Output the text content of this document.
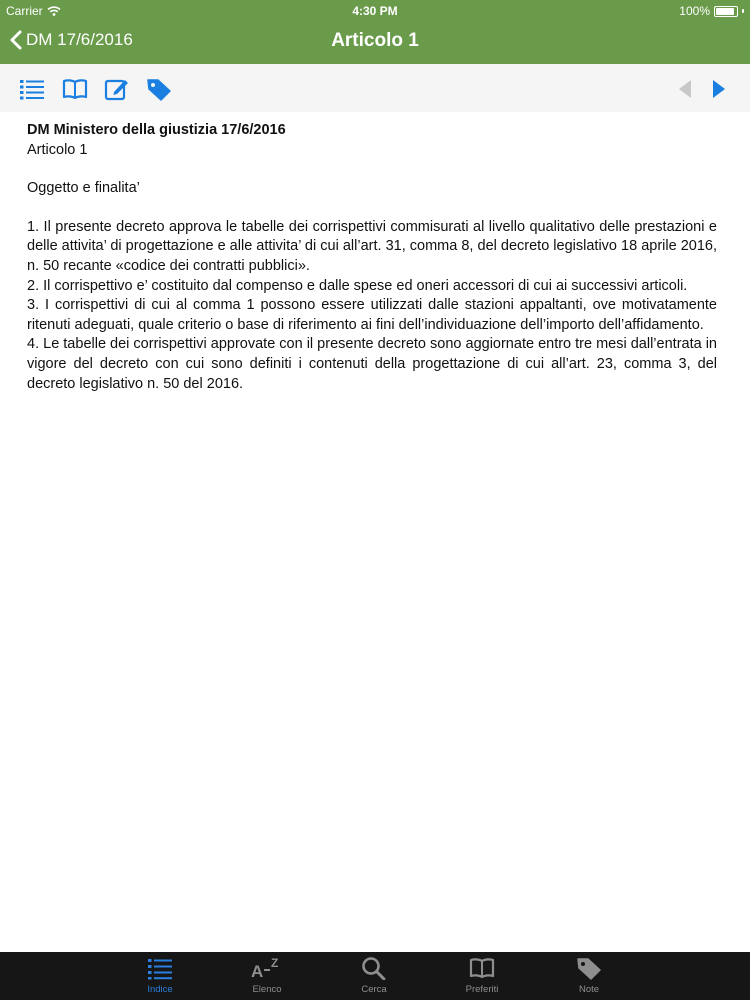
Carrier	4:30 PM	100%
DM 17/6/2016	Articolo 1
DM Ministero della giustizia 17/6/2016
Articolo 1
Oggetto e finalita’

1. Il presente decreto approva le tabelle dei corrispettivi commisurati al livello qualitativo delle prestazioni e delle attivita’ di progettazione e alle attivita’ di cui all’art. 31, comma 8, del decreto legislativo 18 aprile 2016, n. 50 recante «codice dei contratti pubblici».

2. Il corrispettivo e’ costituito dal compenso e dalle spese ed oneri accessori di cui ai successivi articoli.

3. I corrispettivi di cui al comma 1 possono essere utilizzati dalle stazioni appaltanti, ove motivatamente ritenuti adeguati, quale criterio o base di riferimento ai fini dell’individuazione dell’importo dell’affidamento.

4. Le tabelle dei corrispettivi approvate con il presente decreto sono aggiornate entro tre mesi dall’entrata in vigore del decreto con cui sono definiti i contenuti della progettazione di cui all’art. 23, comma 3, del decreto legislativo n. 50 del 2016.

Indice
A Z
Elenco	Cerca	Preferiti	Note
